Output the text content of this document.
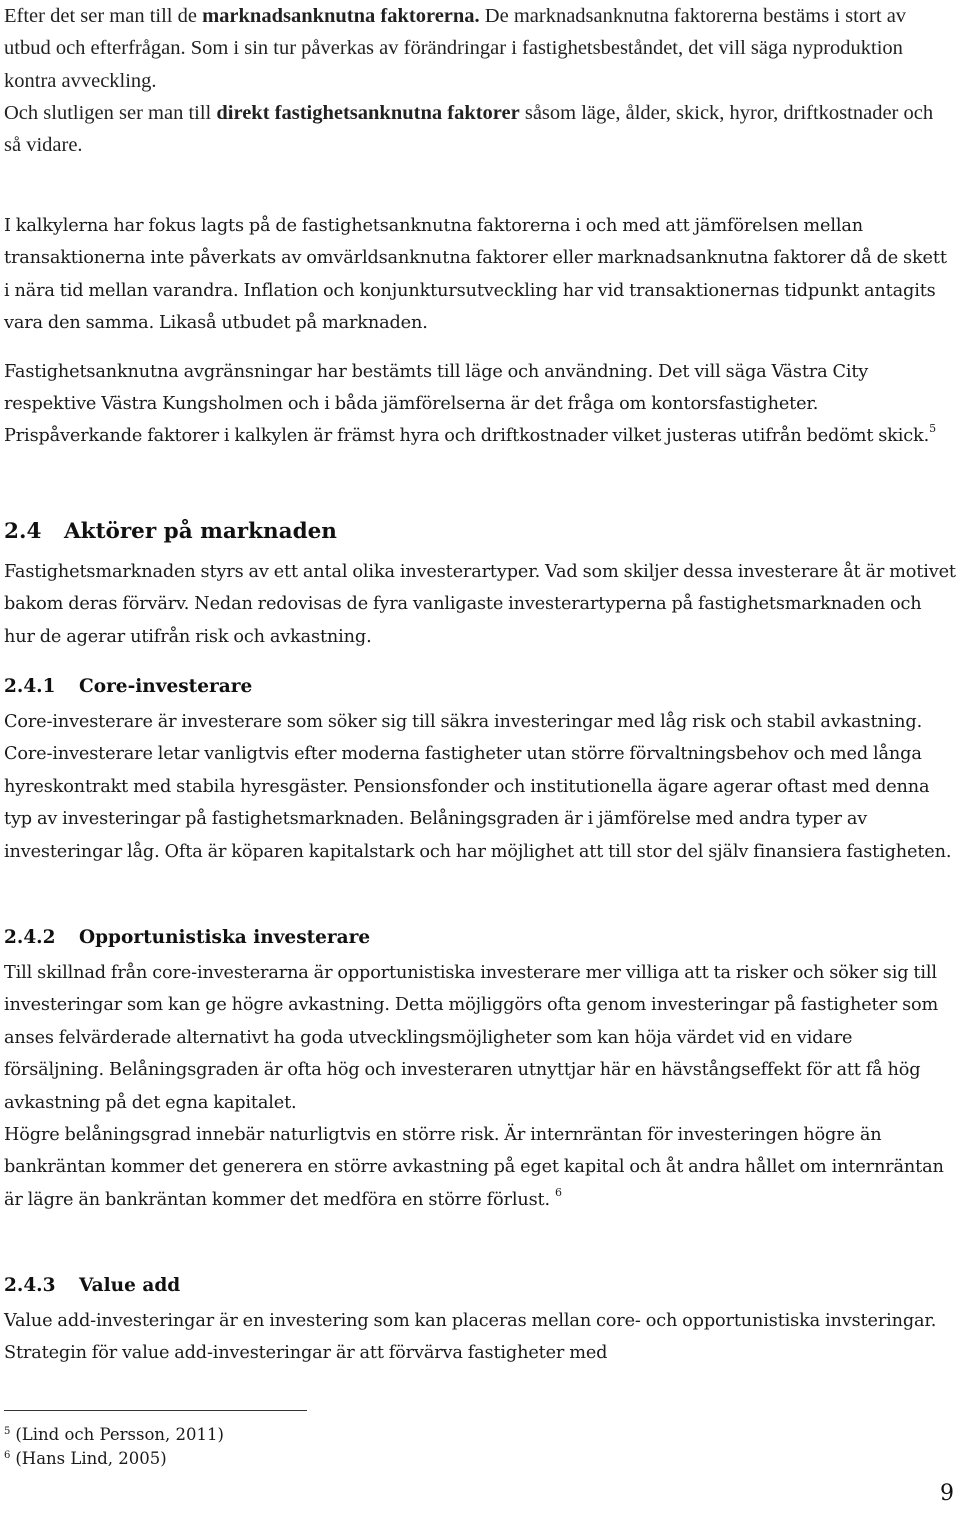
Efter det ser man till de marknadsanknutna faktorerna. De marknadsanknutna faktorerna bestäms i stort av utbud och efterfrågan. Som i sin tur påverkas av förändringar i fastighetsbeståndet, det vill säga nyproduktion kontra avveckling.

Och slutligen ser man till direkt fastighetsanknutna faktorer såsom läge, ålder, skick, hyror, driftkostnader och så vidare.

I kalkylerna har fokus lagts på de fastighetsanknutna faktorerna i och med att jämförelsen mellan transaktionerna inte påverkats av omvärldsanknutna faktorer eller marknadsanknutna faktorer då de skett i nära tid mellan varandra. Inflation och konjunktursutveckling har vid transaktionernas tidpunkt antagits vara den samma. Likaså utbudet på marknaden.

Fastighetsanknutna avgränsningar har bestämts till läge och användning. Det vill säga Västra City respektive Västra Kungsholmen och i båda jämförelserna är det fråga om kontorsfastigheter. Prispåverkande faktorer i kalkylen är främst hyra och driftkostnader vilket justeras utifrån bedömt skick.$^5$

2.4 Aktörer på marknaden

Fastighetsmarknaden styrs av ett antal olika investerartyper. Vad som skiljer dessa investerare åt är motivet bakom deras förvärv. Nedan redovisas de fyra vanligaste investerartyperna på fastighetsmarknaden och hur de agerar utifrån risk och avkastning.

2.4.1 Core-investerare

Core-investerare är investerare som söker sig till säkra investeringar med låg risk och stabil avkastning. Core-investerare letar vanligtvis efter moderna fastigheter utan större förvaltningsbehov och med långa hyreskontrakt med stabila hyresgäster. Pensionsfonder och institutionella ägare agerar oftast med denna typ av investeringar på fastighetsmarknaden. Belåningsgraden är i jämförelse med andra typer av investeringar låg. Ofta är köparen kapitalstark och har möjlighet att till stor del själv finansiera fastigheten.

2.4.2 Opportunistiska investerare

Till skillnad från core-investerarna är opportunistiska investerare mer villiga att ta risker och söker sig till investeringar som kan ge högre avkastning. Detta möjliggörs ofta genom investeringar på fastigheter som anses felvärderade alternativt ha goda utvecklingsmöjligheter som kan höja värdet vid en vidare försäljning. Belåningsgraden är ofta hög och investeraren utnyttjar här en hävstångseffekt för att få hög avkastning på det egna kapitalet.

Högre belåningsgrad innebär naturligtvis en större risk. Är internräntan för investeringen högre än bankräntan kommer det generera en större avkastning på eget kapital och åt andra hållet om internräntan är lägre än bankräntan kommer det medföra en större förlust. $^6$

2.4.3 Value add

Value add-investeringar är en investering som kan placeras mellan core- och opportunistiska invsteringar. Strategin för value add-investeringar är att förvärva fastigheter med

$^5$ (Lind och Persson, 2011)
$^6$ (Hans Lind, 2005)
9
